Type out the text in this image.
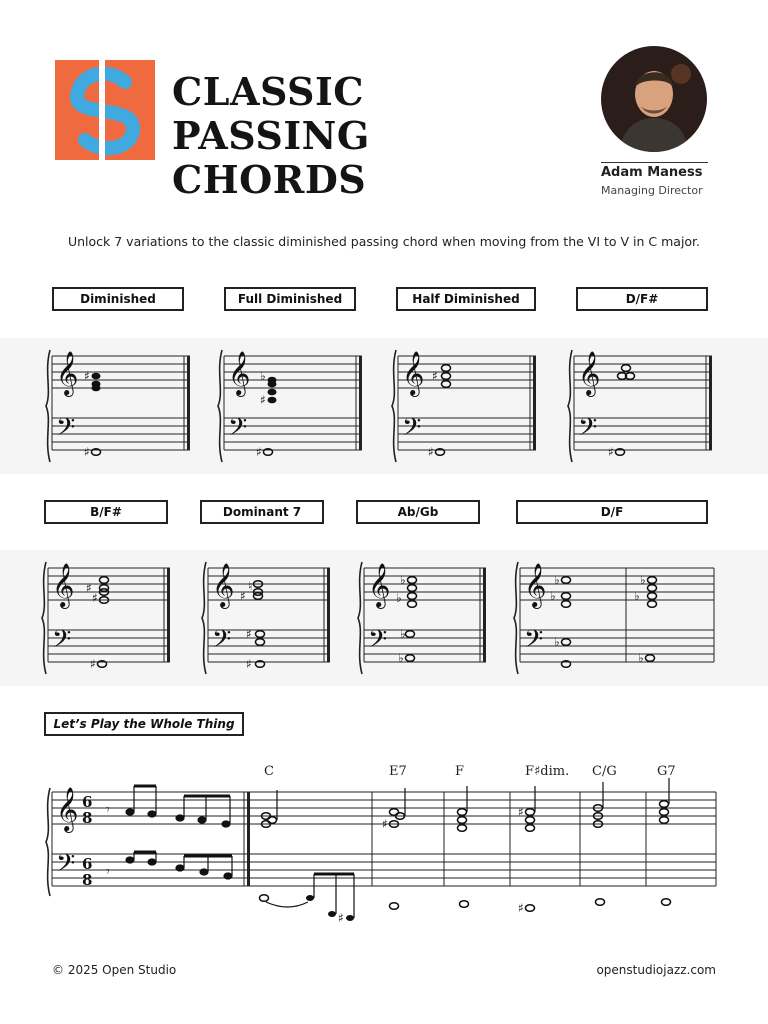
CLASSIC PASSING
CHORDS	Adam Maness
Managing Director
Unlock 7 variations to the classic diminished passing chord when moving from the VI to V in C major.
Diminished	Full Diminished	Half Diminished	D/F#
𝄞
𝄢
♯
♯
𝄞
𝄢
♭
♯
♯
𝄞
𝄢
♯
♯
𝄞
𝄢
♯
B/F#	Dominant 7	Ab/Gb	D/F
𝄞
𝄢
♯
♯
♯
𝄞
𝄢
♯
♮
♯
♯
𝄞
𝄢
♭
♭
♭
♭
𝄞
𝄢
♭
♭
♭
♭
♭
♭
Let’s Play the Whole Thing
C	E7	F	F♯dim. C/G	G7
𝄞
𝄢
6
8
6
8
𝄾
𝄾
♯
♯
♯
♯
© 2025 Open Studio	openstudiojazz.com
